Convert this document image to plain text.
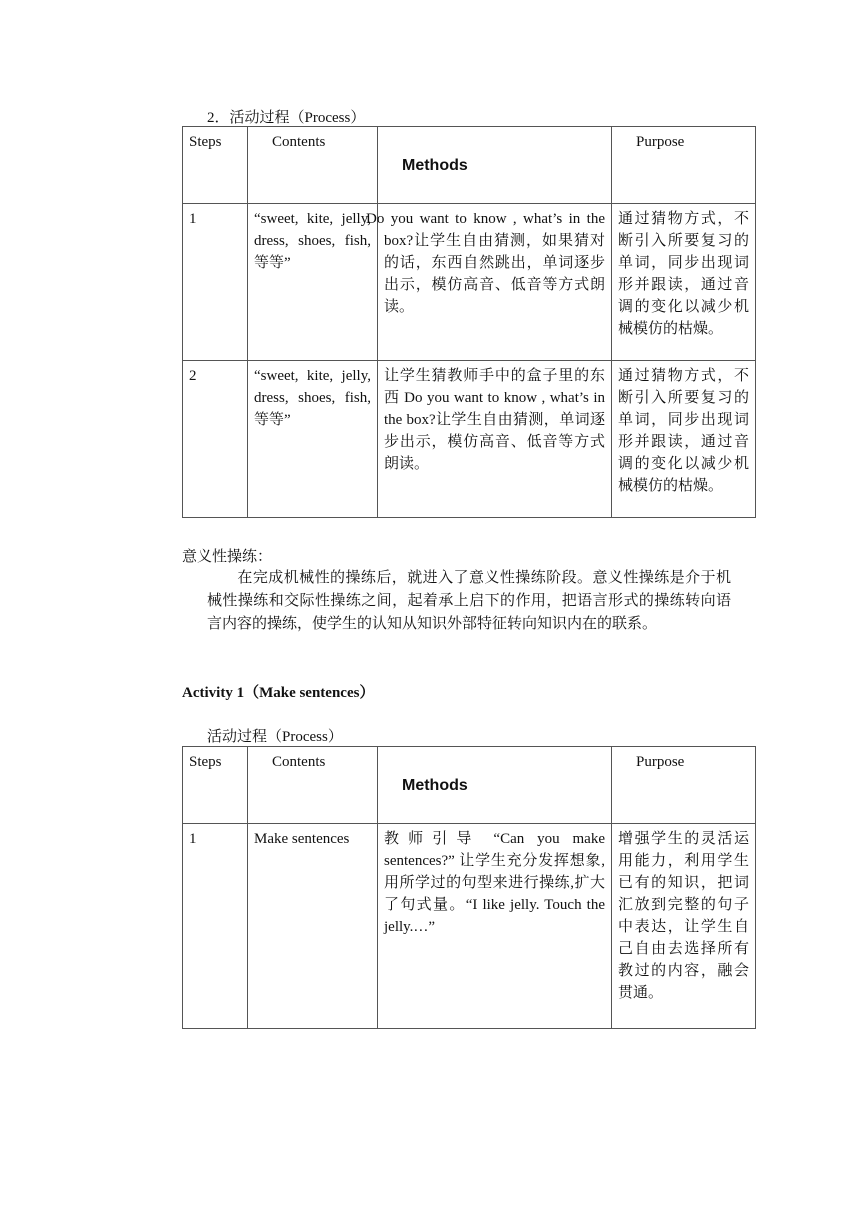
2．活动过程（Process）
Steps	Contents	Methods	Purpose
1	“sweet, kite, jelly, dress, shoes, fish, 等等”	Do you want to know , what’s in the box?让学生自由猜测，如果猜对的话，东西自然跳出，单词逐步出示，模仿高音、低音等方式朗读。	通过猜物方式，不断引入所要复习的单词，同步出现词形并跟读，通过音调的变化以减少机械模仿的枯燥。
2	“sweet, kite, jelly, dress, shoes, fish, 等等”	让学生猜教师手中的盒子里的东西 Do you want to know , what’s in the box?让学生自由猜测，单词逐步出示，模仿高音、低音等方式朗读。	通过猜物方式，不断引入所要复习的单词，同步出现词形并跟读，通过音调的变化以减少机械模仿的枯燥。
意义性操练：
在完成机械性的操练后，就进入了意义性操练阶段。意义性操练是介于机械性操练和交际性操练之间，起着承上启下的作用，把语言形式的操练转向语言内容的操练，使学生的认知从知识外部特征转向知识内在的联系。
Activity 1（Make sentences）
活动过程（Process）
Steps	Contents	Methods	Purpose
1	Make sentences	教师引导 “Can you make sentences?” 让学生充分发挥想象,用所学过的句型来进行操练,扩大了句式量。“I like jelly. Touch the jelly.…”	增强学生的灵活运用能力，利用学生已有的知识，把词汇放到完整的句子中表达，让学生自己自由去选择所有教过的内容，融会贯通。
